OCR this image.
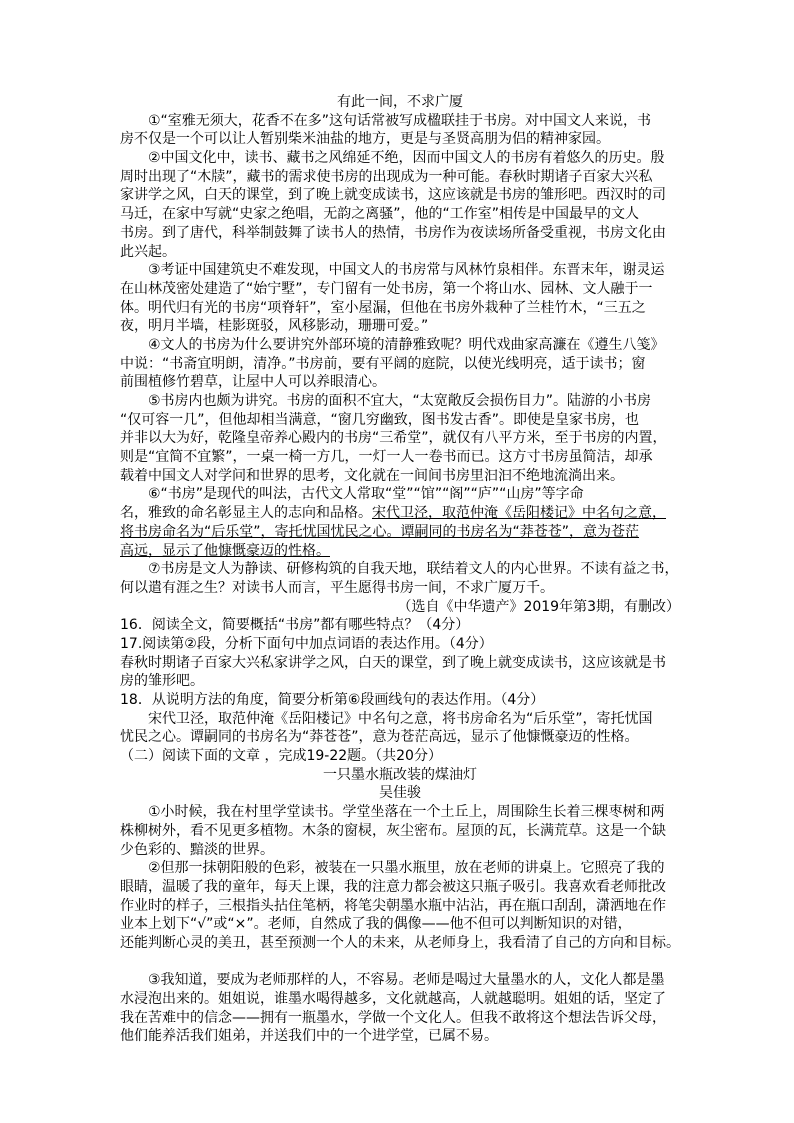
有此一间，不求广厦
　　①“室雅无须大，花香不在多”这句话常被写成楹联挂于书房。对中国文人来说，书
房不仅是一个可以让人暂别柴米油盐的地方，更是与圣贤高朋为侣的精神家园。
　　②中国文化中，读书、藏书之风绵延不绝，因而中国文人的书房有着悠久的历史。殷
周时出现了“木牍”，藏书的需求使书房的出现成为一种可能。春秋时期诸子百家大兴私
家讲学之风，白天的课堂，到了晚上就变成读书，这应该就是书房的雏形吧。西汉时的司
马迁，在家中写就“史家之绝唱，无韵之离骚”，他的“工作室”相传是中国最早的文人
书房。到了唐代，科举制鼓舞了读书人的热情，书房作为夜读场所备受重视，书房文化由
此兴起。
　　③考证中国建筑史不难发现，中国文人的书房常与风林竹泉相伴。东晋末年，谢灵运
在山林茂密处建造了“始宁墅”，专门留有一处书房，第一个将山水、园林、文人融于一
体。明代归有光的书房“项脊轩”，室小屋漏，但他在书房外栽种了兰桂竹木，“三五之
夜，明月半墙，桂影斑驳，风移影动，珊珊可爱。”
　　④文人的书房为什么要讲究外部环境的清静雅致呢？明代戏曲家高濂在《遵生八笺》
中说：“书斋宜明朗，清净。”书房前，要有平阔的庭院，以使光线明亮，适于读书；窗
前围植修竹碧草，让屋中人可以养眼清心。
　　⑤书房内也颇为讲究。书房的面积不宜大，“太宽敞反会损伤目力”。陆游的小书房
“仅可容一几”，但他却相当满意，“窗几穷幽致，图书发古香”。即使是皇家书房，也
并非以大为好，乾隆皇帝养心殿内的书房“三希堂”，就仅有八平方米，至于书房的内置，
则是“宜简不宜繁”，一桌一椅一方几，一灯一人一卷书而已。这方寸书房虽简洁，却承
载着中国文人对学问和世界的思考，文化就在一间间书房里汩汩不绝地流淌出来。
　　⑥“书房”是现代的叫法，古代文人常取“堂”“馆”“阁”“庐”“山房”等字命
名，雅致的命名彰显主人的志向和品格。宋代卫泾，取范仲淹《岳阳楼记》中名句之意，
将书房命名为“后乐堂”，寄托忧国忧民之心。谭嗣同的书房名为“莽苍苍”，意为苍茫
高远，显示了他慷慨豪迈的性格。
　　⑦书房是文人为静读、研修构筑的自我天地，联结着文人的内心世界。不读有益之书，
何以遣有涯之生？对读书人而言，平生愿得书房一间，不求广厦万千。
（选自《中华遗产》2019年第3期，有删改）
16．阅读全文，简要概括“书房”都有哪些特点？（4分）
17.阅读第②段，分析下面句中加点词语的表达作用。（4分）
春秋时期诸子百家大兴私家讲学之风，白天的课堂，到了晚上就变成读书，这应该就是书
房的雏形吧。
18．从说明方法的角度，简要分析第⑥段画线句的表达作用。（4分）
　　宋代卫泾，取范仲淹《岳阳楼记》中名句之意，将书房命名为“后乐堂”，寄托忧国
忧民之心。谭嗣同的书房名为“莽苍苍”，意为苍茫高远，显示了他慷慨豪迈的性格。
（二）阅读下面的文章 ，完成19-22题。（共20分）
一只墨水瓶改装的煤油灯
吴佳骏
　　①小时候，我在村里学堂读书。学堂坐落在一个土丘上，周围除生长着三棵枣树和两
株柳树外，看不见更多植物。木条的窗棂，灰尘密布。屋顶的瓦，长满荒草。这是一个缺
少色彩的、黯淡的世界。
　　②但那一抹朝阳般的色彩，被装在一只墨水瓶里，放在老师的讲桌上。它照亮了我的
眼睛，温暖了我的童年，每天上课，我的注意力都会被这只瓶子吸引。我喜欢看老师批改
作业时的样子，三根指头拈住笔柄，将笔尖朝墨水瓶中沾沾，再在瓶口刮刮，潇洒地在作
业本上划下“√”或“×”。老师，自然成了我的偶像——他不但可以判断知识的对错，
还能判断心灵的美丑，甚至预测一个人的未来，从老师身上，我看清了自己的方向和目标。
　　③我知道，要成为老师那样的人，不容易。老师是喝过大量墨水的人，文化人都是墨
水浸泡出来的。姐姐说，谁墨水喝得越多，文化就越高，人就越聪明。姐姐的话，坚定了
我在苦难中的信念——拥有一瓶墨水，学做一个文化人。但我不敢将这个想法告诉父母，
他们能养活我们姐弟，并送我们中的一个进学堂，已属不易。
